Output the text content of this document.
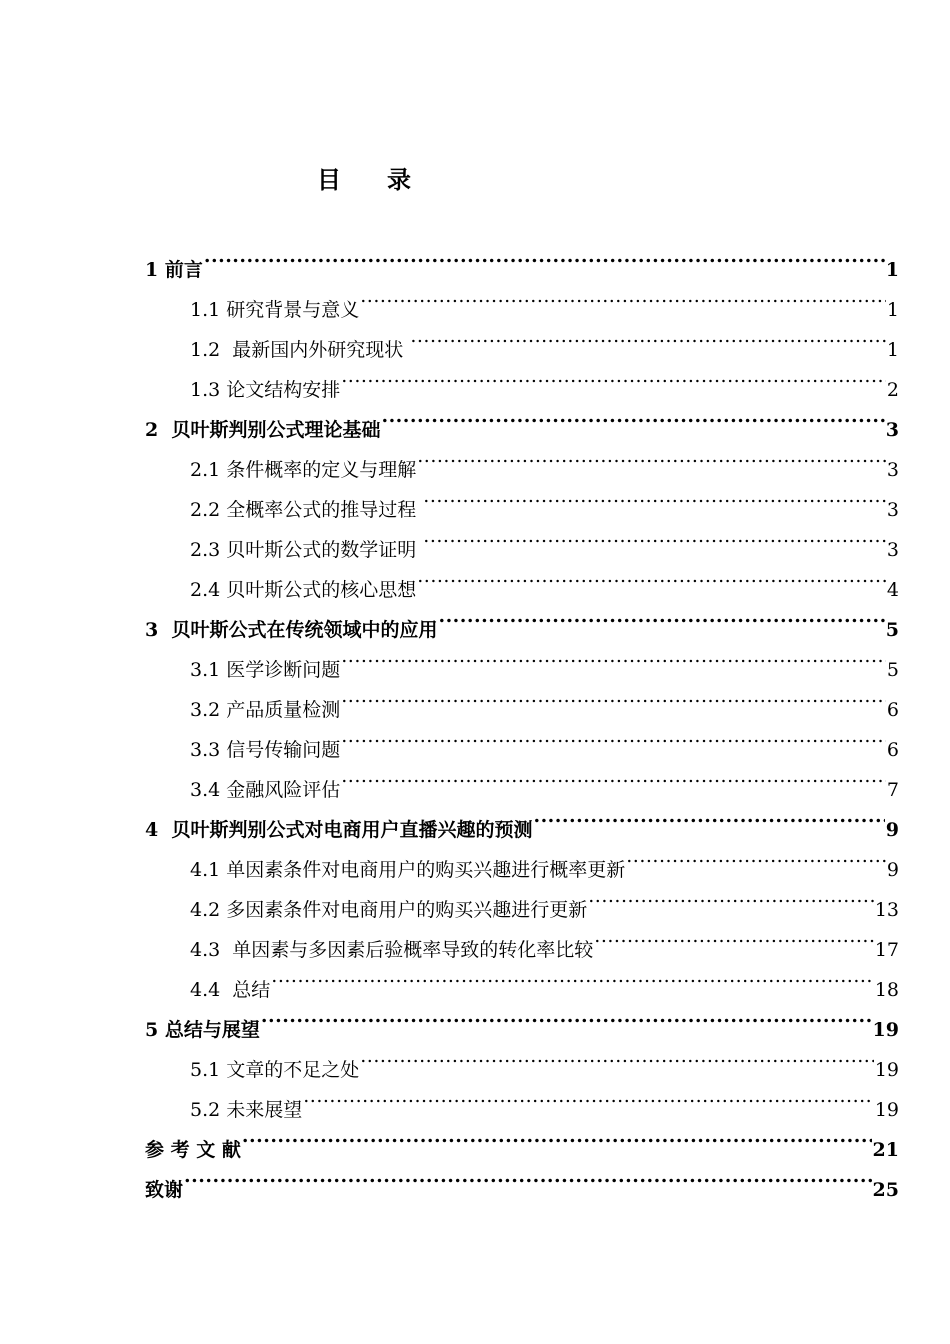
目 录
1 前言 .....	1
1.1 研究背景与意义 .....	1
1.2  最新国内外研究现状 .....	1
1.3 论文结构安排 .....	2
2  贝叶斯判别公式理论基础 .....	3
2.1 条件概率的定义与理解 .....	3
2.2 全概率公式的推导过程 .....	3
2.3 贝叶斯公式的数学证明 .....	3
2.4 贝叶斯公式的核心思想 .....	4
3  贝叶斯公式在传统领域中的应用 .....	5
3.1 医学诊断问题 .....	5
3.2 产品质量检测 .....	6
3.3 信号传输问题 .....	6
3.4 金融风险评估 .....	7
4  贝叶斯判别公式对电商用户直播兴趣的预测 .....	9
4.1 单因素条件对电商用户的购买兴趣进行概率更新 .....	9
4.2 多因素条件对电商用户的购买兴趣进行更新 .....	13
4.3  单因素与多因素后验概率导致的转化率比较 .....	17
4.4  总结 .....	18
5 总结与展望 .....	19
5.1 文章的不足之处 .....	19
5.2 未来展望 .....	19
参 考 文 献 .....	21
致谢 .....	25
